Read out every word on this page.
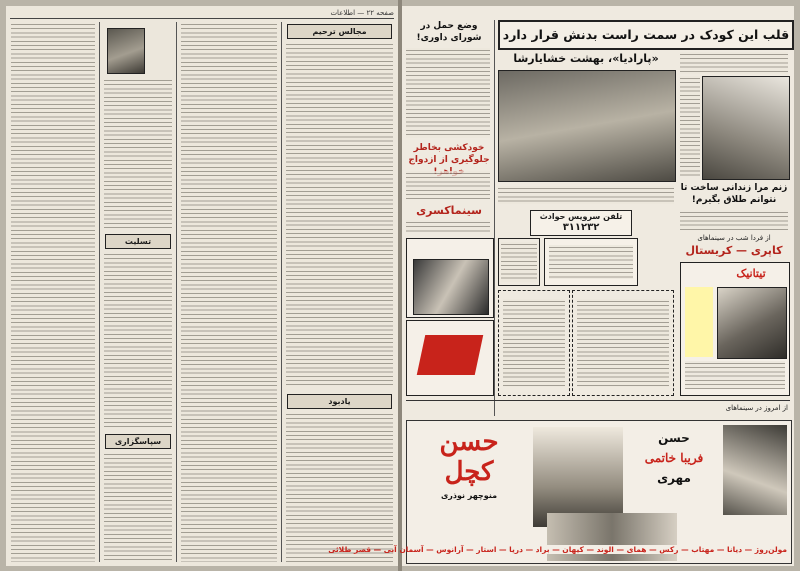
صفحه ۲۲ — اطلاعات
تسلیت
سپاسگزاری
مجالس ترحیم
یادبود
قلب این کودک در سمت راست بدنش قرار دارد
وضع حمل در شورای داوری!
خودکشی بخاطر جلوگیری از ازدواج
سینماکسری
«پارادیا»، بهشت خشایارشا
تلفن سرویس حوادث
۳۱۱۲۳۲
زنم مرا زندانی ساخت تا نتوانم طلاق بگیرم!
از فردا شب در سینماهای
کاپری — کریستال
تیتانیک
از امروز در سینماهای
حسن کچل
منوچهر نوذری
حسن
فریبا خاتمی
مهری
مولن‌روژ — دیانا — مهتاب — رکس — همای — الوند — کیهان — براد — دریا — استار — آرانوس — آسمان آبی — قصر طلائی
